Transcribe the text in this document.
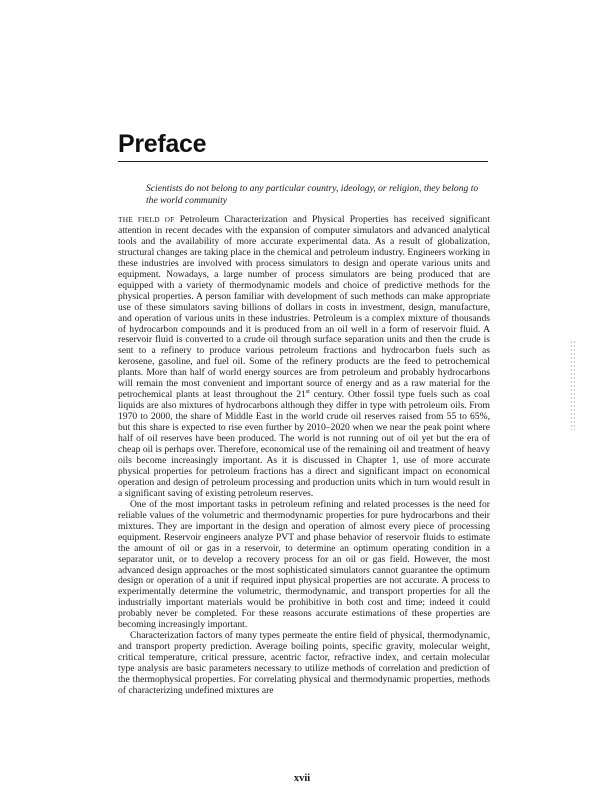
Preface

Scientists do not belong to any particular country, ideology, or religion, they belong to the world community

THE FIELD OF Petroleum Characterization and Physical Properties has received significant attention in recent decades with the expansion of computer simulators and advanced analytical tools and the availability of more accurate experimental data. As a result of globalization, structural changes are taking place in the chemical and petroleum industry. Engineers working in these industries are involved with process simulators to design and operate various units and equipment. Nowadays, a large number of process simulators are being produced that are equipped with a variety of thermodynamic models and choice of predictive methods for the physical properties. A person familiar with development of such methods can make appropriate use of these simulators saving billions of dollars in costs in investment, design, manufacture, and operation of various units in these industries. Petroleum is a complex mixture of thousands of hydrocarbon compounds and it is produced from an oil well in a form of reservoir fluid. A reservoir fluid is converted to a crude oil through surface separation units and then the crude is sent to a refinery to produce various petroleum fractions and hydrocarbon fuels such as kerosene, gasoline, and fuel oil. Some of the refinery products are the feed to petrochemical plants. More than half of world energy sources are from petroleum and probably hydrocarbons will remain the most convenient and important source of energy and as a raw material for the petrochemical plants at least throughout the 21st century. Other fossil type fuels such as coal liquids are also mixtures of hydrocarbons although they differ in type with petroleum oils. From 1970 to 2000, the share of Middle East in the world crude oil reserves raised from 55 to 65%, but this share is expected to rise even further by 2010–2020 when we near the peak point where half of oil reserves have been produced. The world is not running out of oil yet but the era of cheap oil is perhaps over. Therefore, economical use of the remaining oil and treatment of heavy oils become increasingly important. As it is discussed in Chapter 1, use of more accurate physical properties for petroleum fractions has a direct and significant impact on economical operation and design of petroleum processing and production units which in turn would result in a significant saving of existing petroleum reserves.

One of the most important tasks in petroleum refining and related processes is the need for reliable values of the volumetric and thermodynamic properties for pure hydrocarbons and their mixtures. They are important in the design and operation of almost every piece of processing equipment. Reservoir engineers analyze PVT and phase behavior of reservoir fluids to estimate the amount of oil or gas in a reservoir, to determine an optimum operating condition in a separator unit, or to develop a recovery process for an oil or gas field. However, the most advanced design approaches or the most sophisticated simulators cannot guarantee the optimum design or operation of a unit if required input physical properties are not accurate. A process to experimentally determine the volumetric, thermodynamic, and transport properties for all the industrially important materials would be prohibitive in both cost and time; indeed it could probably never be completed. For these reasons accurate estimations of these properties are becoming increasingly important.

Characterization factors of many types permeate the entire field of physical, thermodynamic, and transport property prediction. Average boiling points, specific gravity, molecular weight, critical temperature, critical pressure, acentric factor, refractive index, and certain molecular type analysis are basic parameters necessary to utilize methods of correlation and prediction of the thermophysical properties. For correlating physical and thermodynamic properties, methods of characterizing undefined mixtures are

xvii
